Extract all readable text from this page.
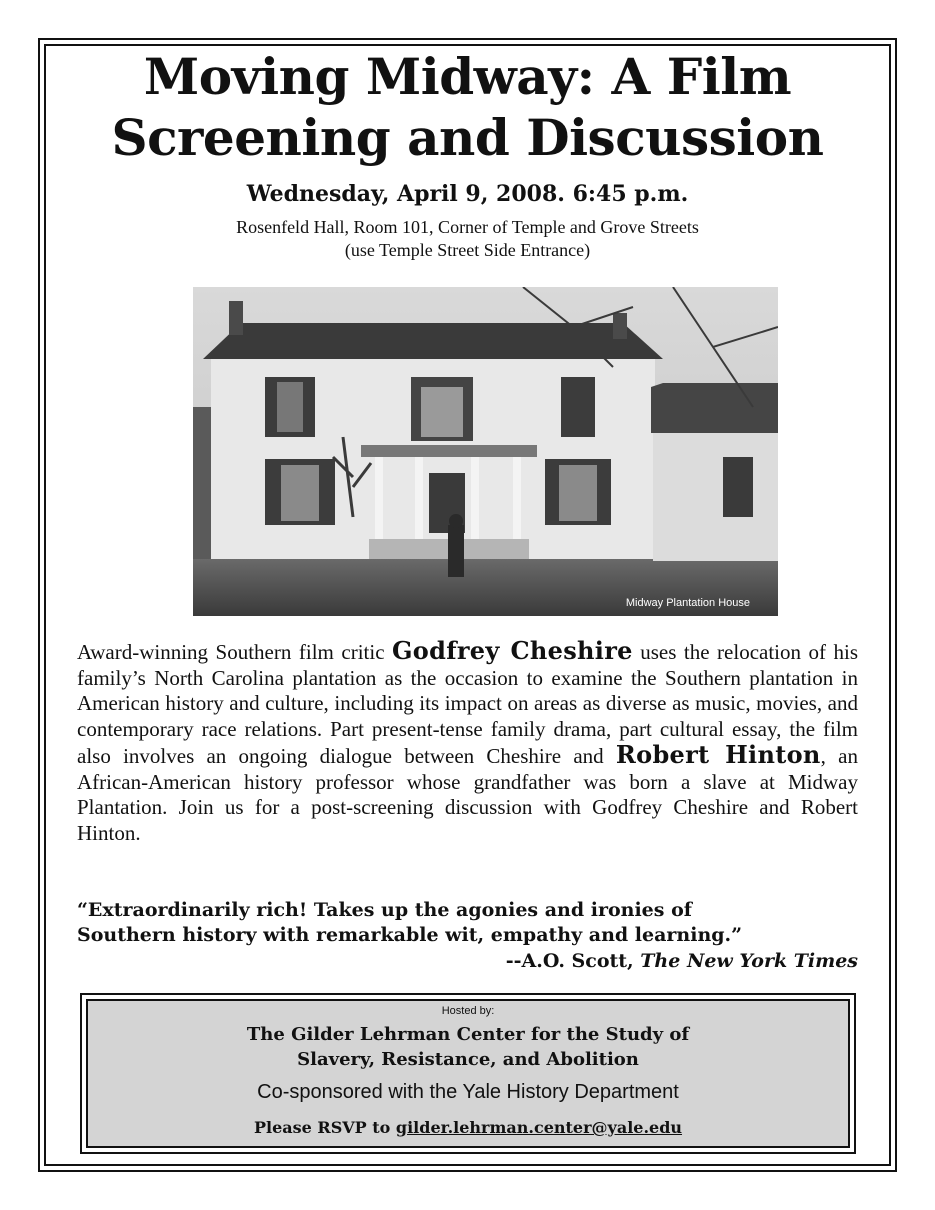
Moving Midway: A Film
Screening and Discussion

Wednesday, April 9, 2008. 6:45 p.m.

Rosenfeld Hall, Room 101, Corner of Temple and Grove Streets
(use Temple Street Side Entrance)

Midway Plantation House

Award-winning Southern film critic Godfrey Cheshire uses the relocation of his family’s North Carolina plantation as the occasion to examine the Southern plantation in American history and culture, including its impact on areas as diverse as music, movies, and contemporary race relations. Part present-tense family drama, part cultural essay, the film also involves an ongoing dialogue between Cheshire and Robert Hinton, an African-American history professor whose grandfather was born a slave at Midway Plantation. Join us for a post-screening discussion with Godfrey Cheshire and Robert Hinton.

“Extraordinarily rich! Takes up the agonies and ironies of
Southern history with remarkable wit, empathy and learning.”

--A.O. Scott, The New York Times

Hosted by:

The Gilder Lehrman Center for the Study of
Slavery, Resistance, and Abolition

Co-sponsored with the Yale History Department

Please RSVP to gilder.lehrman.center@yale.edu
